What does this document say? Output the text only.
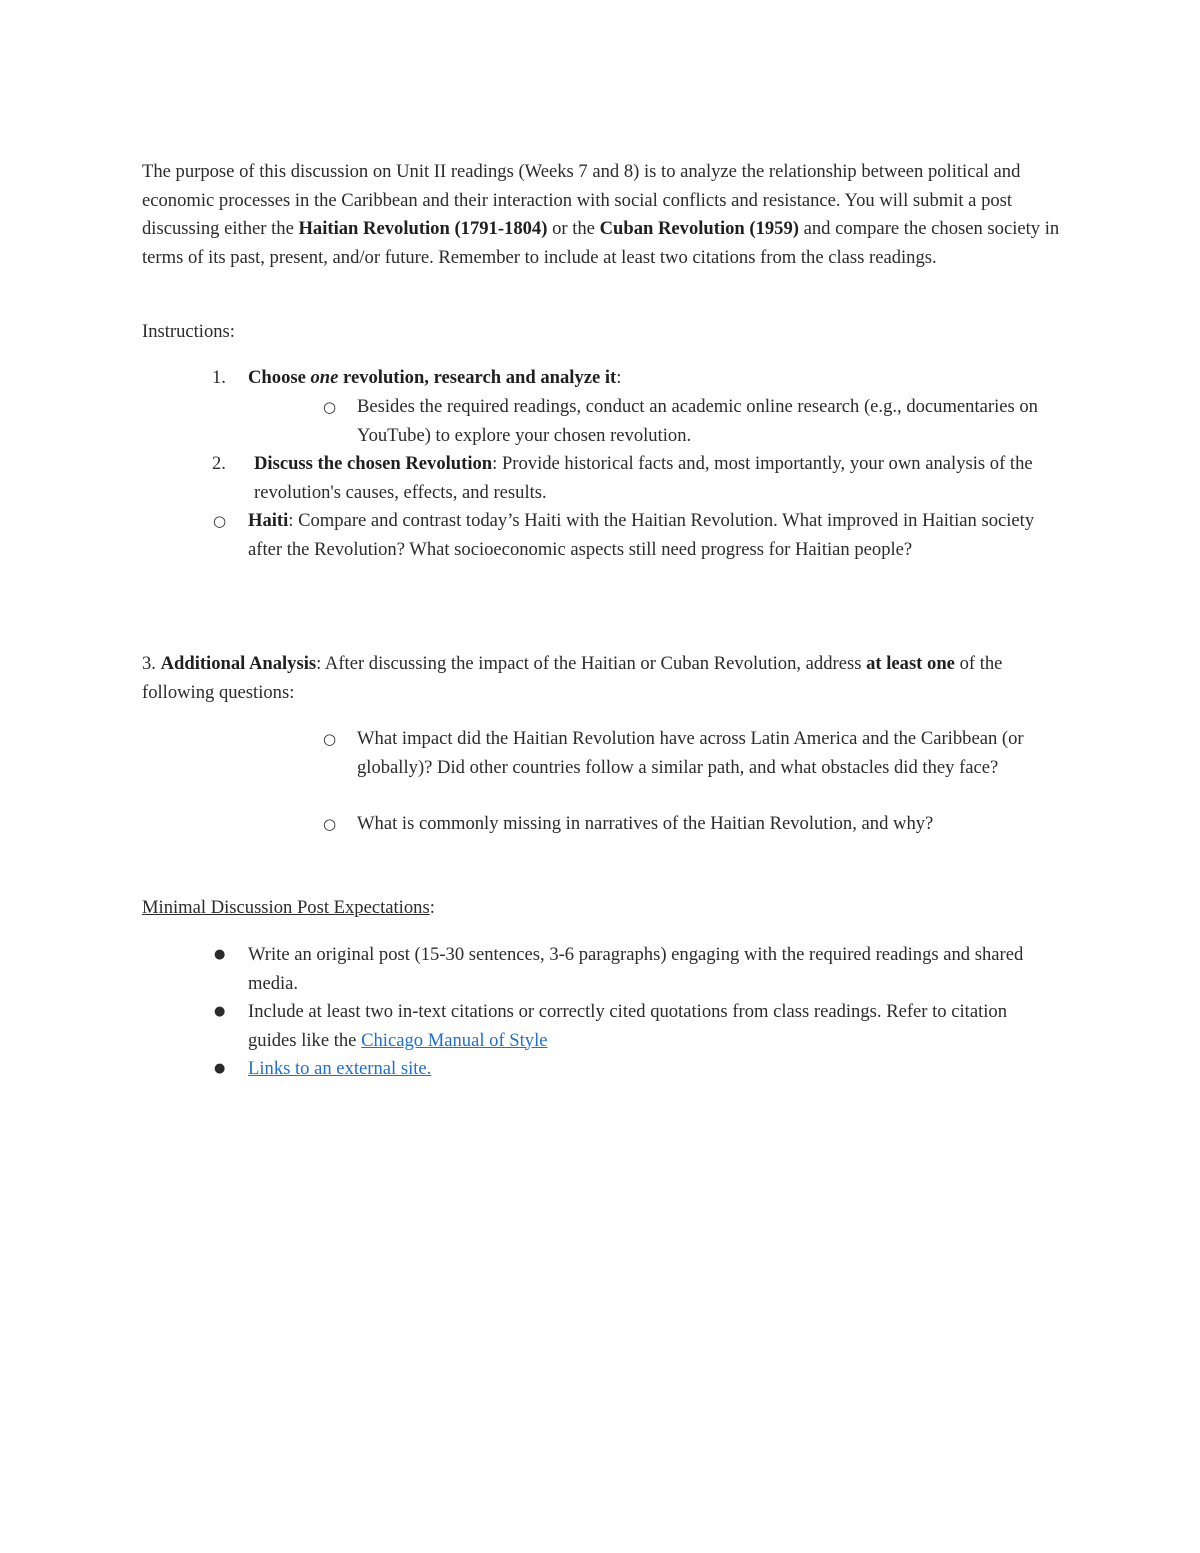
The purpose of this discussion on Unit II readings (Weeks 7 and 8) is to analyze the relationship between political and economic processes in the Caribbean and their interaction with social conflicts and resistance. You will submit a post discussing either the Haitian Revolution (1791-1804) or the Cuban Revolution (1959) and compare the chosen society in terms of its past, present, and/or future. Remember to include at least two citations from the class readings.
Instructions:
1.	Choose one revolution, research and analyze it:
○	Besides the required readings, conduct an academic online research (e.g., documentaries on YouTube) to explore your chosen revolution.
2.	Discuss the chosen Revolution: Provide historical facts and, most importantly, your own analysis of the revolution's causes, effects, and results.
○	Haiti: Compare and contrast today’s Haiti with the Haitian Revolution. What improved in Haitian society after the Revolution? What socioeconomic aspects still need progress for Haitian people?
3. Additional Analysis: After discussing the impact of the Haitian or Cuban Revolution, address at least one of the following questions:
○	What impact did the Haitian Revolution have across Latin America and the Caribbean (or globally)? Did other countries follow a similar path, and what obstacles did they face?
○	What is commonly missing in narratives of the Haitian Revolution, and why?
Minimal Discussion Post Expectations:
●	Write an original post (15-30 sentences, 3-6 paragraphs) engaging with the required readings and shared media.
●	Include at least two in-text citations or correctly cited quotations from class readings. Refer to citation guides like the Chicago Manual of Style
●	Links to an external site.
